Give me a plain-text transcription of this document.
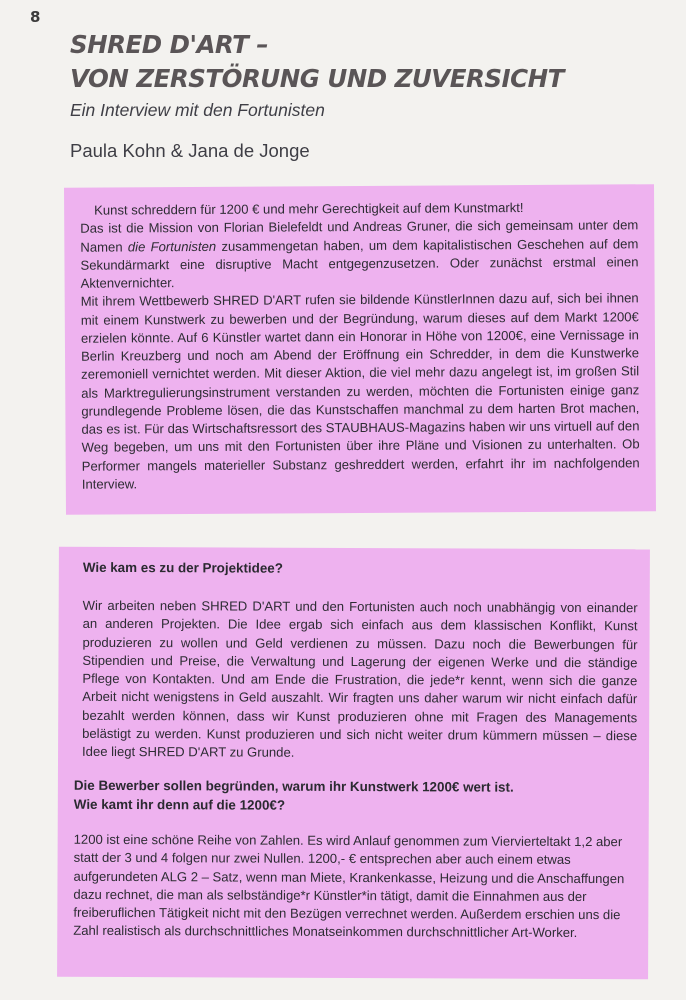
8
SHRED D'ART –
VON ZERSTÖRUNG UND ZUVERSICHT
Ein Interview mit den Fortunisten
Paula Kohn & Jana de Jonge

Kunst schreddern für 1200 € und mehr Gerechtigkeit auf dem Kunstmarkt!
Das ist die Mission von Florian Bielefeldt und Andreas Gruner, die sich gemeinsam unter dem Namen die Fortunisten zusammengetan haben, um dem kapitalistischen Geschehen auf dem Sekundärmarkt eine disruptive Macht entgegenzusetzen. Oder zunächst erstmal einen Aktenvernichter.
Mit ihrem Wettbewerb SHRED D'ART rufen sie bildende KünstlerInnen dazu auf, sich bei ihnen mit einem Kunstwerk zu bewerben und der Begründung, warum dieses auf dem Markt 1200€ erzielen könnte. Auf 6 Künstler wartet dann ein Honorar in Höhe von 1200€, eine Vernissage in Berlin Kreuzberg und noch am Abend der Eröffnung ein Schredder, in dem die Kunstwerke zeremoniell vernichtet werden. Mit dieser Aktion, die viel mehr dazu angelegt ist, im großen Stil als Marktregulierungsinstrument verstanden zu werden, möchten die Fortunisten einige ganz grundlegende Probleme lösen, die das Kunstschaffen manchmal zu dem harten Brot machen, das es ist. Für das Wirtschaftsressort des STAUBHAUS-Magazins haben wir uns virtuell auf den Weg begeben, um uns mit den Fortunisten über ihre Pläne und Visionen zu unterhalten. Ob Performer mangels materieller Substanz geshreddert werden, erfahrt ihr im nachfolgenden Interview.

Wie kam es zu der Projektidee?

Wir arbeiten neben SHRED D'ART und den Fortunisten auch noch unabhängig von einander an anderen Projekten. Die Idee ergab sich einfach aus dem klassischen Konflikt, Kunst produzieren zu wollen und Geld verdienen zu müssen. Dazu noch die Bewerbungen für Stipendien und Preise, die Verwaltung und Lagerung der eigenen Werke und die ständige Pflege von Kontakten. Und am Ende die Frustration, die jede*r kennt, wenn sich die ganze Arbeit nicht wenigstens in Geld auszahlt. Wir fragten uns daher warum wir nicht einfach dafür bezahlt werden können, dass wir Kunst produzieren ohne mit Fragen des Managements belästigt zu werden. Kunst produzieren und sich nicht weiter drum kümmern müssen – diese Idee liegt SHRED D'ART zu Grunde.

Die Bewerber sollen begründen, warum ihr Kunstwerk 1200€ wert ist.
Wie kamt ihr denn auf die 1200€?

1200 ist eine schöne Reihe von Zahlen. Es wird Anlauf genommen zum Viervierteltakt 1,2 aber statt der 3 und 4 folgen nur zwei Nullen. 1200,- € entsprechen aber auch einem etwas aufgerundeten ALG 2 – Satz, wenn man Miete, Krankenkasse, Heizung und die Anschaffungen dazu rechnet, die man als selbständige*r Künstler*in tätigt, damit die Einnahmen aus der freiberuflichen Tätigkeit nicht mit den Bezügen verrechnet werden. Außerdem erschien uns die Zahl realistisch als durchschnittliches Monatseinkommen durchschnittlicher Art-Worker.
